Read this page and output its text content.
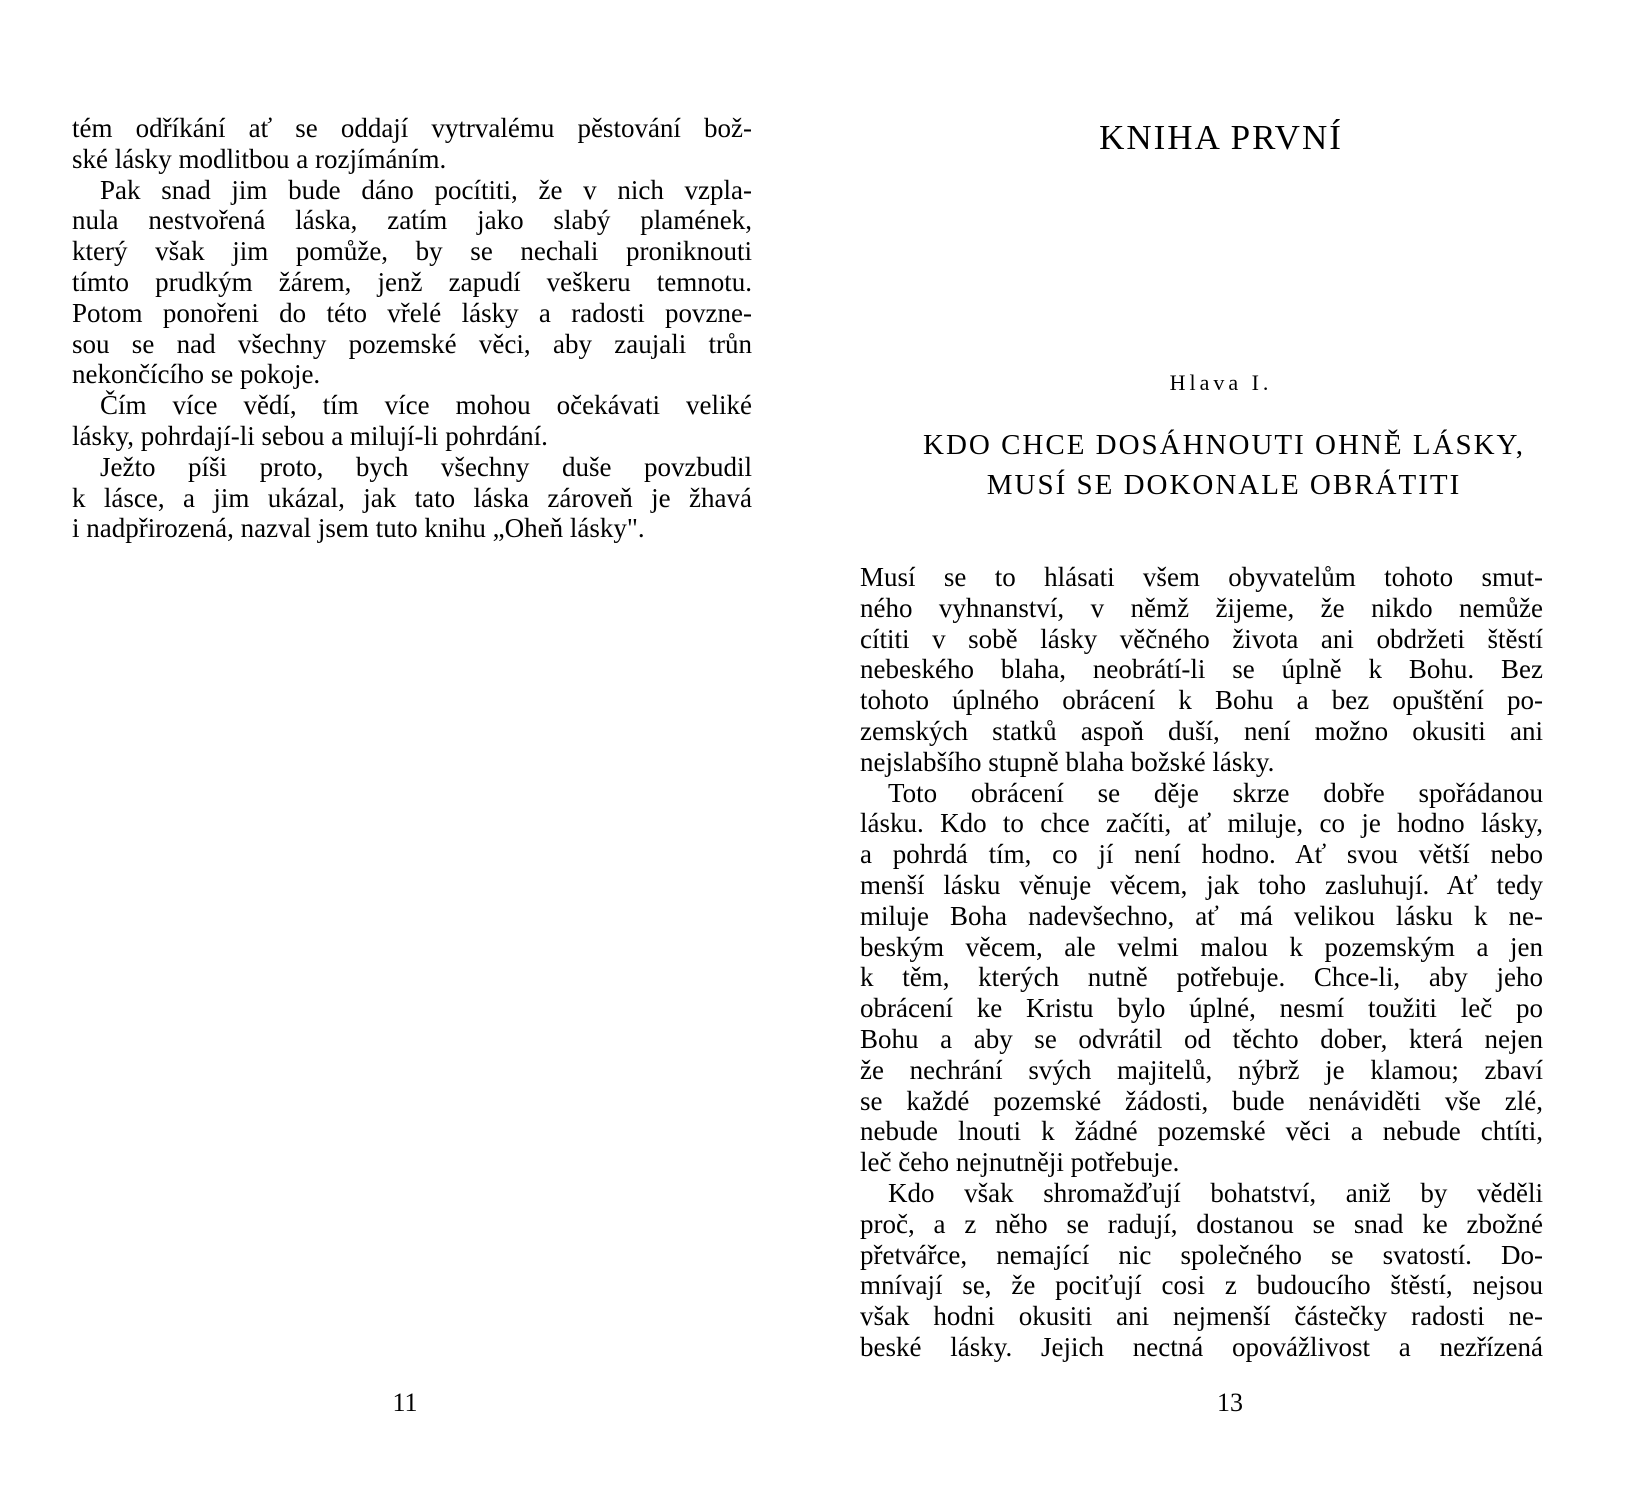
tém odříkání ať se oddají vytrvalému pěstování bož-
ské lásky modlitbou a rozjímáním.
Pak snad jim bude dáno pocítiti, že v nich vzpla-
nula nestvořená láska, zatím jako slabý plamének,
který však jim pomůže, by se nechali proniknouti
tímto prudkým žárem, jenž zapudí veškeru temnotu.
Potom ponořeni do této vřelé lásky a radosti povzne-
sou se nad všechny pozemské věci, aby zaujali trůn
nekončícího se pokoje.
Čím více vědí, tím více mohou očekávati veliké
lásky, pohrdají-li sebou a milují-li pohrdání.
Ježto píši proto, bych všechny duše povzbudil
k lásce, a jim ukázal, jak tato láska zároveň je žhavá
i nadpřirozená, nazval jsem tuto knihu „Oheň lásky".
11
KNIHA PRVNÍ
Hlava I.
KDO CHCE DOSÁHNOUTI OHNĚ LÁSKY,
MUSÍ SE DOKONALE OBRÁTITI
Musí se to hlásati všem obyvatelům tohoto smut-
ného vyhnanství, v němž žijeme, že nikdo nemůže
cítiti v sobě lásky věčného života ani obdržeti štěstí
nebeského blaha, neobrátí-li se úplně k Bohu. Bez
tohoto úplného obrácení k Bohu a bez opuštění po-
zemských statků aspoň duší, není možno okusiti ani
nejslabšího stupně blaha božské lásky.
Toto obrácení se děje skrze dobře spořádanou
lásku. Kdo to chce začíti, ať miluje, co je hodno lásky,
a pohrdá tím, co jí není hodno. Ať svou větší nebo
menší lásku věnuje věcem, jak toho zasluhují. Ať tedy
miluje Boha nadevšechno, ať má velikou lásku k ne-
beským věcem, ale velmi malou k pozemským a jen
k těm, kterých nutně potřebuje. Chce-li, aby jeho
obrácení ke Kristu bylo úplné, nesmí toužiti leč po
Bohu a aby se odvrátil od těchto dober, která nejen
že nechrání svých majitelů, nýbrž je klamou; zbaví
se každé pozemské žádosti, bude nenáviděti vše zlé,
nebude lnouti k žádné pozemské věci a nebude chtíti,
leč čeho nejnutněji potřebuje.
Kdo však shromažďují bohatství, aniž by věděli
proč, a z něho se radují, dostanou se snad ke zbožné
přetvářce, nemající nic společného se svatostí. Do-
mnívají se, že pociťují cosi z budoucího štěstí, nejsou
však hodni okusiti ani nejmenší částečky radosti ne-
beské lásky. Jejich nectná opovážlivost a nezřízená
13
